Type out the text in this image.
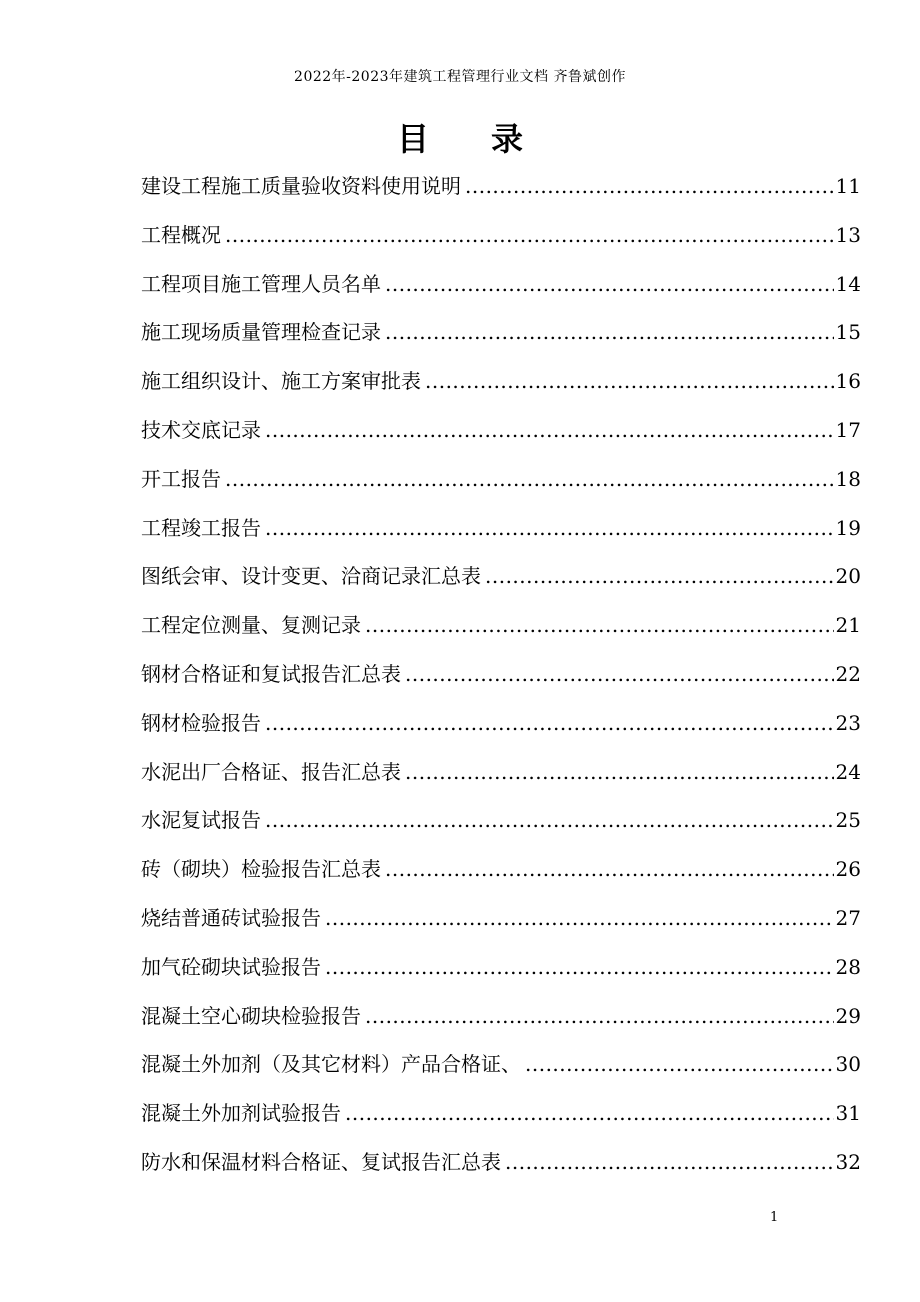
2022年-2023年建筑工程管理行业文档 齐鲁斌创作
目 录
建设工程施工质量验收资料使用说明 .....	11
工程概况 .....	13
工程项目施工管理人员名单 .....	14
施工现场质量管理检查记录 .....	15
施工组织设计、施工方案审批表 .....	16
技术交底记录 .....	17
开工报告 .....	18
工程竣工报告 .....	19
图纸会审、设计变更、洽商记录汇总表 .....	20
工程定位测量、复测记录 .....	21
钢材合格证和复试报告汇总表 .....	22
钢材检验报告 .....	23
水泥出厂合格证、报告汇总表 .....	24
水泥复试报告 .....	25
砖（砌块）检验报告汇总表 .....	26
烧结普通砖试验报告 .....	27
加气砼砌块试验报告 .....	28
混凝土空心砌块检验报告 .....	29
混凝土外加剂（及其它材料）产品合格证、 .....	30
混凝土外加剂试验报告 .....	31
防水和保温材料合格证、复试报告汇总表 .....	32
1
